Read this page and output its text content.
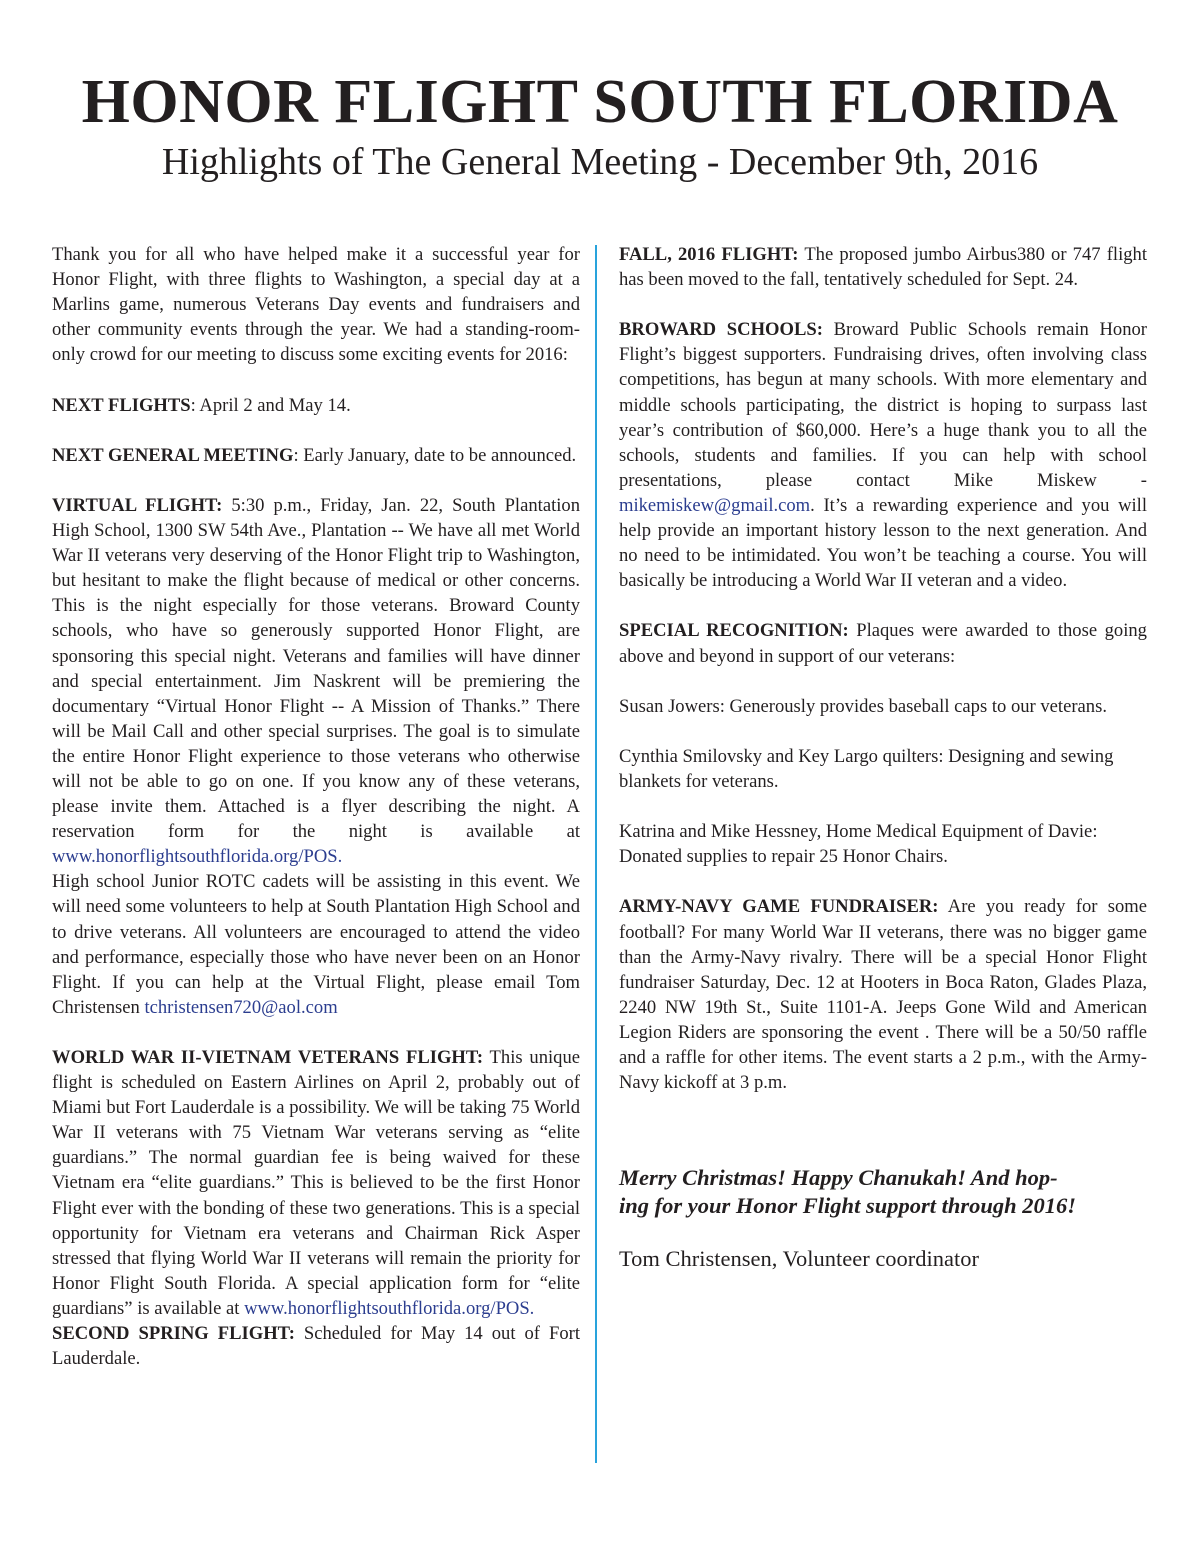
HONOR FLIGHT SOUTH FLORIDA
Highlights of The General Meeting - December 9th, 2016

Thank you for all who have helped make it a successful year for Honor Flight, with three flights to Washington, a special day at a Marlins game, numerous Veterans Day events and fundraisers and other community events through the year. We had a standing-room-only crowd for our meeting to discuss some exciting events for 2016:

NEXT FLIGHTS: April 2 and May 14.

NEXT GENERAL MEETING: Early January, date to be announced.

VIRTUAL FLIGHT: 5:30 p.m., Friday, Jan. 22, South Plantation High School, 1300 SW 54th Ave., Plantation -- We have all met World War II veterans very deserving of the Honor Flight trip to Washington, but hesitant to make the flight because of medical or other concerns. This is the night especially for those veterans. Broward County schools, who have so generously supported Honor Flight, are sponsoring this special night. Veterans and families will have dinner and special entertainment. Jim Naskrent will be premiering the documentary “Virtual Honor Flight -- A Mission of Thanks.” There will be Mail Call and other special surprises. The goal is to simulate the entire Honor Flight experience to those veterans who otherwise will not be able to go on one. If you know any of these veterans, please invite them. Attached is a flyer describing the night. A reservation form for the night is available at www.honorflightsouthflorida.org/POS.

High school Junior ROTC cadets will be assisting in this event. We will need some volunteers to help at South Plantation High School and to drive veterans. All volunteers are encouraged to attend the video and performance, especially those who have never been on an Honor Flight. If you can help at the Virtual Flight, please email Tom Christensen tchristensen720@aol.com

WORLD WAR II-VIETNAM VETERANS FLIGHT: This unique flight is scheduled on Eastern Airlines on April 2, probably out of Miami but Fort Lauderdale is a possibility. We will be taking 75 World War II veterans with 75 Vietnam War veterans serving as “elite guardians.” The normal guardian fee is being waived for these Vietnam era “elite guardians.” This is believed to be the first Honor Flight ever with the bonding of these two generations. This is a special opportunity for Vietnam era veterans and Chairman Rick Asper stressed that flying World War II veterans will remain the priority for Honor Flight South Florida. A special application form for “elite guardians” is available at www.honorflightsouthflorida.org/POS.

SECOND SPRING FLIGHT: Scheduled for May 14 out of Fort Lauderdale.

FALL, 2016 FLIGHT: The proposed jumbo Airbus380 or 747 flight has been moved to the fall, tentatively scheduled for Sept. 24.

BROWARD SCHOOLS: Broward Public Schools remain Honor Flight’s biggest supporters. Fundraising drives, often involving class competitions, has begun at many schools. With more elementary and middle schools participating, the district is hoping to surpass last year’s contribution of $60,000. Here’s a huge thank you to all the schools, students and families. If you can help with school presentations, please contact Mike Miskew - mikemiskew@gmail.com. It’s a rewarding experience and you will help provide an important history lesson to the next generation. And no need to be intimidated. You won’t be teaching a course. You will basically be introducing a World War II veteran and a video.

SPECIAL RECOGNITION: Plaques were awarded to those going above and beyond in support of our veterans:

Susan Jowers: Generously provides baseball caps to our veterans.

Cynthia Smilovsky and Key Largo quilters: Designing and sewing blankets for veterans.

Katrina and Mike Hessney, Home Medical Equipment of Davie: Donated supplies to repair 25 Honor Chairs.

ARMY-NAVY GAME FUNDRAISER: Are you ready for some football? For many World War II veterans, there was no bigger game than the Army-Navy rivalry. There will be a special Honor Flight fundraiser Saturday, Dec. 12 at Hooters in Boca Raton, Glades Plaza, 2240 NW 19th St., Suite 1101-A. Jeeps Gone Wild and American Legion Riders are sponsoring the event . There will be a 50/50 raffle and a raffle for other items. The event starts a 2 p.m., with the Army-Navy kickoff at 3 p.m.

Merry Christmas! Happy Chanukah! And hop-
ing for your Honor Flight support through 2016!

Tom Christensen, Volunteer coordinator
